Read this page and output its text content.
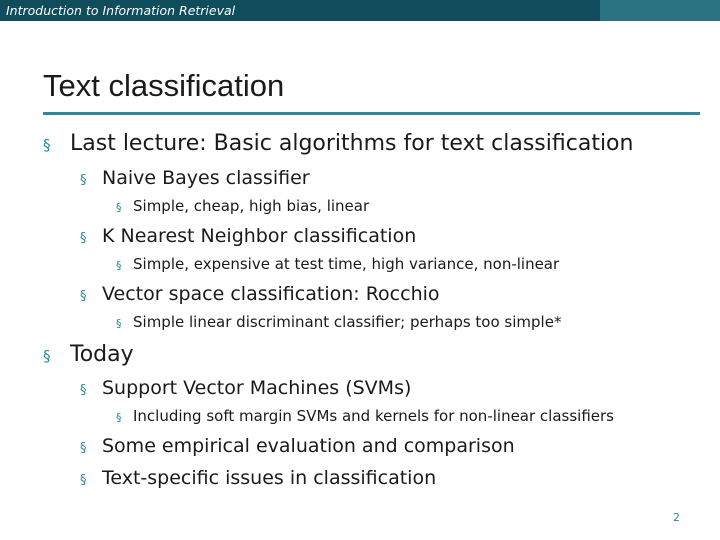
Introduction to Information Retrieval
Text classification
§ Last lecture: Basic algorithms for text classification
§ Naive Bayes classifier
§ Simple, cheap, high bias, linear
§ K Nearest Neighbor classification
§ Simple, expensive at test time, high variance, non-linear
§ Vector space classification: Rocchio
§ Simple linear discriminant classifier; perhaps too simple*
§ Today
§ Support Vector Machines (SVMs)
§ Including soft margin SVMs and kernels for non-linear classifiers
§ Some empirical evaluation and comparison
§ Text-specific issues in classification
2
